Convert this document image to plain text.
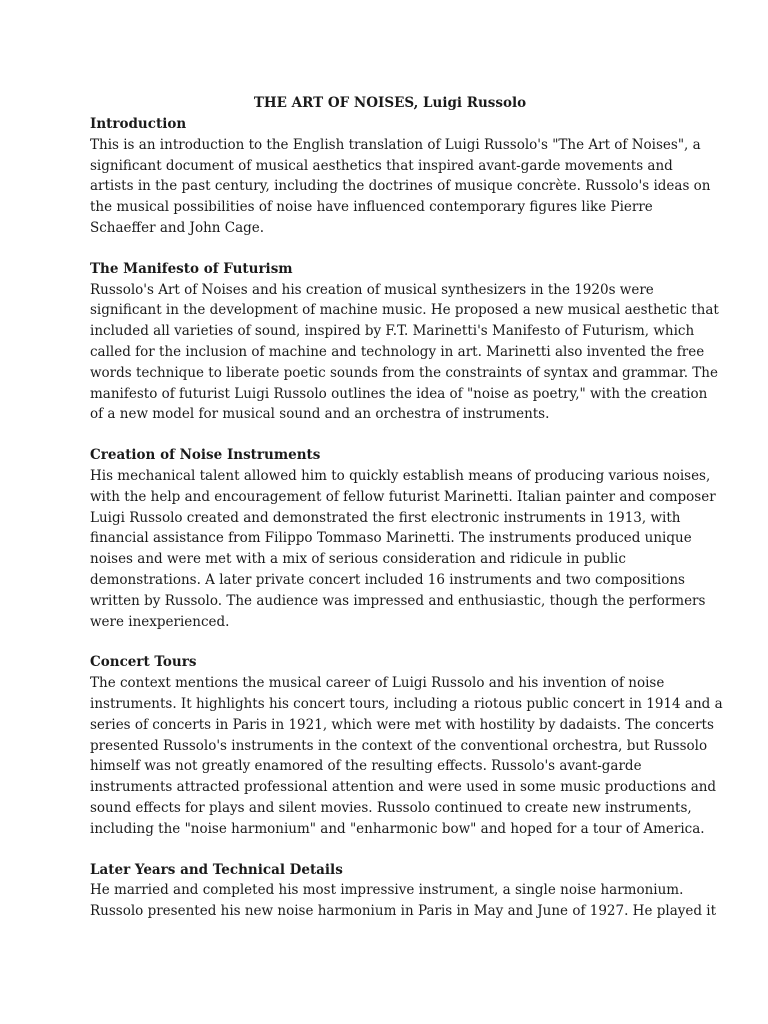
THE ART OF NOISES, Luigi Russolo
Introduction
This is an introduction to the English translation of Luigi Russolo's "The Art of Noises", a
significant document of musical aesthetics that inspired avant-garde movements and
artists in the past century, including the doctrines of musique concrète. Russolo's ideas on
the musical possibilities of noise have influenced contemporary figures like Pierre
Schaeffer and John Cage.
The Manifesto of Futurism
Russolo's Art of Noises and his creation of musical synthesizers in the 1920s were
significant in the development of machine music. He proposed a new musical aesthetic that
included all varieties of sound, inspired by F.T. Marinetti's Manifesto of Futurism, which
called for the inclusion of machine and technology in art. Marinetti also invented the free
words technique to liberate poetic sounds from the constraints of syntax and grammar. The
manifesto of futurist Luigi Russolo outlines the idea of "noise as poetry," with the creation
of a new model for musical sound and an orchestra of instruments.
Creation of Noise Instruments
His mechanical talent allowed him to quickly establish means of producing various noises,
with the help and encouragement of fellow futurist Marinetti. Italian painter and composer
Luigi Russolo created and demonstrated the first electronic instruments in 1913, with
financial assistance from Filippo Tommaso Marinetti. The instruments produced unique
noises and were met with a mix of serious consideration and ridicule in public
demonstrations. A later private concert included 16 instruments and two compositions
written by Russolo. The audience was impressed and enthusiastic, though the performers
were inexperienced.
Concert Tours
The context mentions the musical career of Luigi Russolo and his invention of noise
instruments. It highlights his concert tours, including a riotous public concert in 1914 and a
series of concerts in Paris in 1921, which were met with hostility by dadaists. The concerts
presented Russolo's instruments in the context of the conventional orchestra, but Russolo
himself was not greatly enamored of the resulting effects. Russolo's avant-garde
instruments attracted professional attention and were used in some music productions and
sound effects for plays and silent movies. Russolo continued to create new instruments,
including the "noise harmonium" and "enharmonic bow" and hoped for a tour of America.
Later Years and Technical Details
He married and completed his most impressive instrument, a single noise harmonium.
Russolo presented his new noise harmonium in Paris in May and June of 1927. He played it
